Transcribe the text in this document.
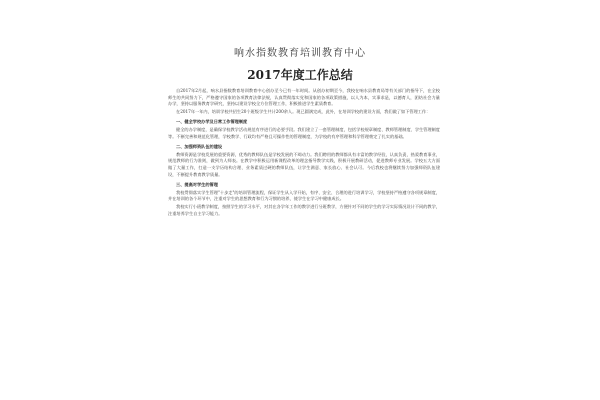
响水指数教育培训教育中心
2017年度工作总结

自2017年2月起，响水县指数教育培训教育中心创办至今已有一年时间。从创办初期至今，我校在响水县教育局等有关部门的指导下，在全校师生的共同努力下，严格遵守国家的各项教育法律法规，认真贯彻落实党和国家的各项政策措施，以人为本，实事求是，以德育人，团结社会力量办学，坚持以服务教育学研究，坚持以建设学校全方位管理工作，积极推进学生素质教育。

在2017年一年内，培训学校共招生20个班级学生共计200余人。现已圆满完成，此外，在培训学校的建设方面，我们做了如下管理工作：

一、健全学校办学及日常工作管理制度

健全的办学制度，是确保学校教学活动规范有序进行的必要手段。我们建立了一套管理制度，包括学校规章制度、教师管理制度、学生管理制度等。不断完善和规范化管理，学校教学、行政均有严格且可操作性的管理制度，为学校的有序管理和科学管理奠定了扎实的基础。

二、加强师资队伍的建设

教师资源是学校发展的重要资源，优秀的教师队伍是学校发展的不竭动力。我们聘用的教师都具有丰富的教学经验，认真负责，热爱教育事业，规范教师的行为准则，做到为人师表。在教学中积极运用新课程改革的理念指导教学实践，积极开展教研活动，促进教师专业发展。学校五大方面做了大量工作，打造一支学历结构合理、业务素质过硬的教师队伍，让学生满意、家长放心、社会认可。今后我校也将继续努力加强师资队伍建设，不断提升教育教学质量。

三、提高对学生的管理

我校贯彻落实学生管理"十步走"的培训管理流程，保证学生从入学开始，有序、安全、合理的进行培训学习，学校坚持严格遵守各项规章制度，并在培训的各个环节中，注重对学生的思想教育和行为习惯的培养，使学生在学习中健康成长。

我校实行小班教学制度，按照学生的学习水平，对其在各学年工作的教学进行分班教学，方便针对不同的学生的学习实际情况设计不同的教学，注重培养学生自主学习能力。
